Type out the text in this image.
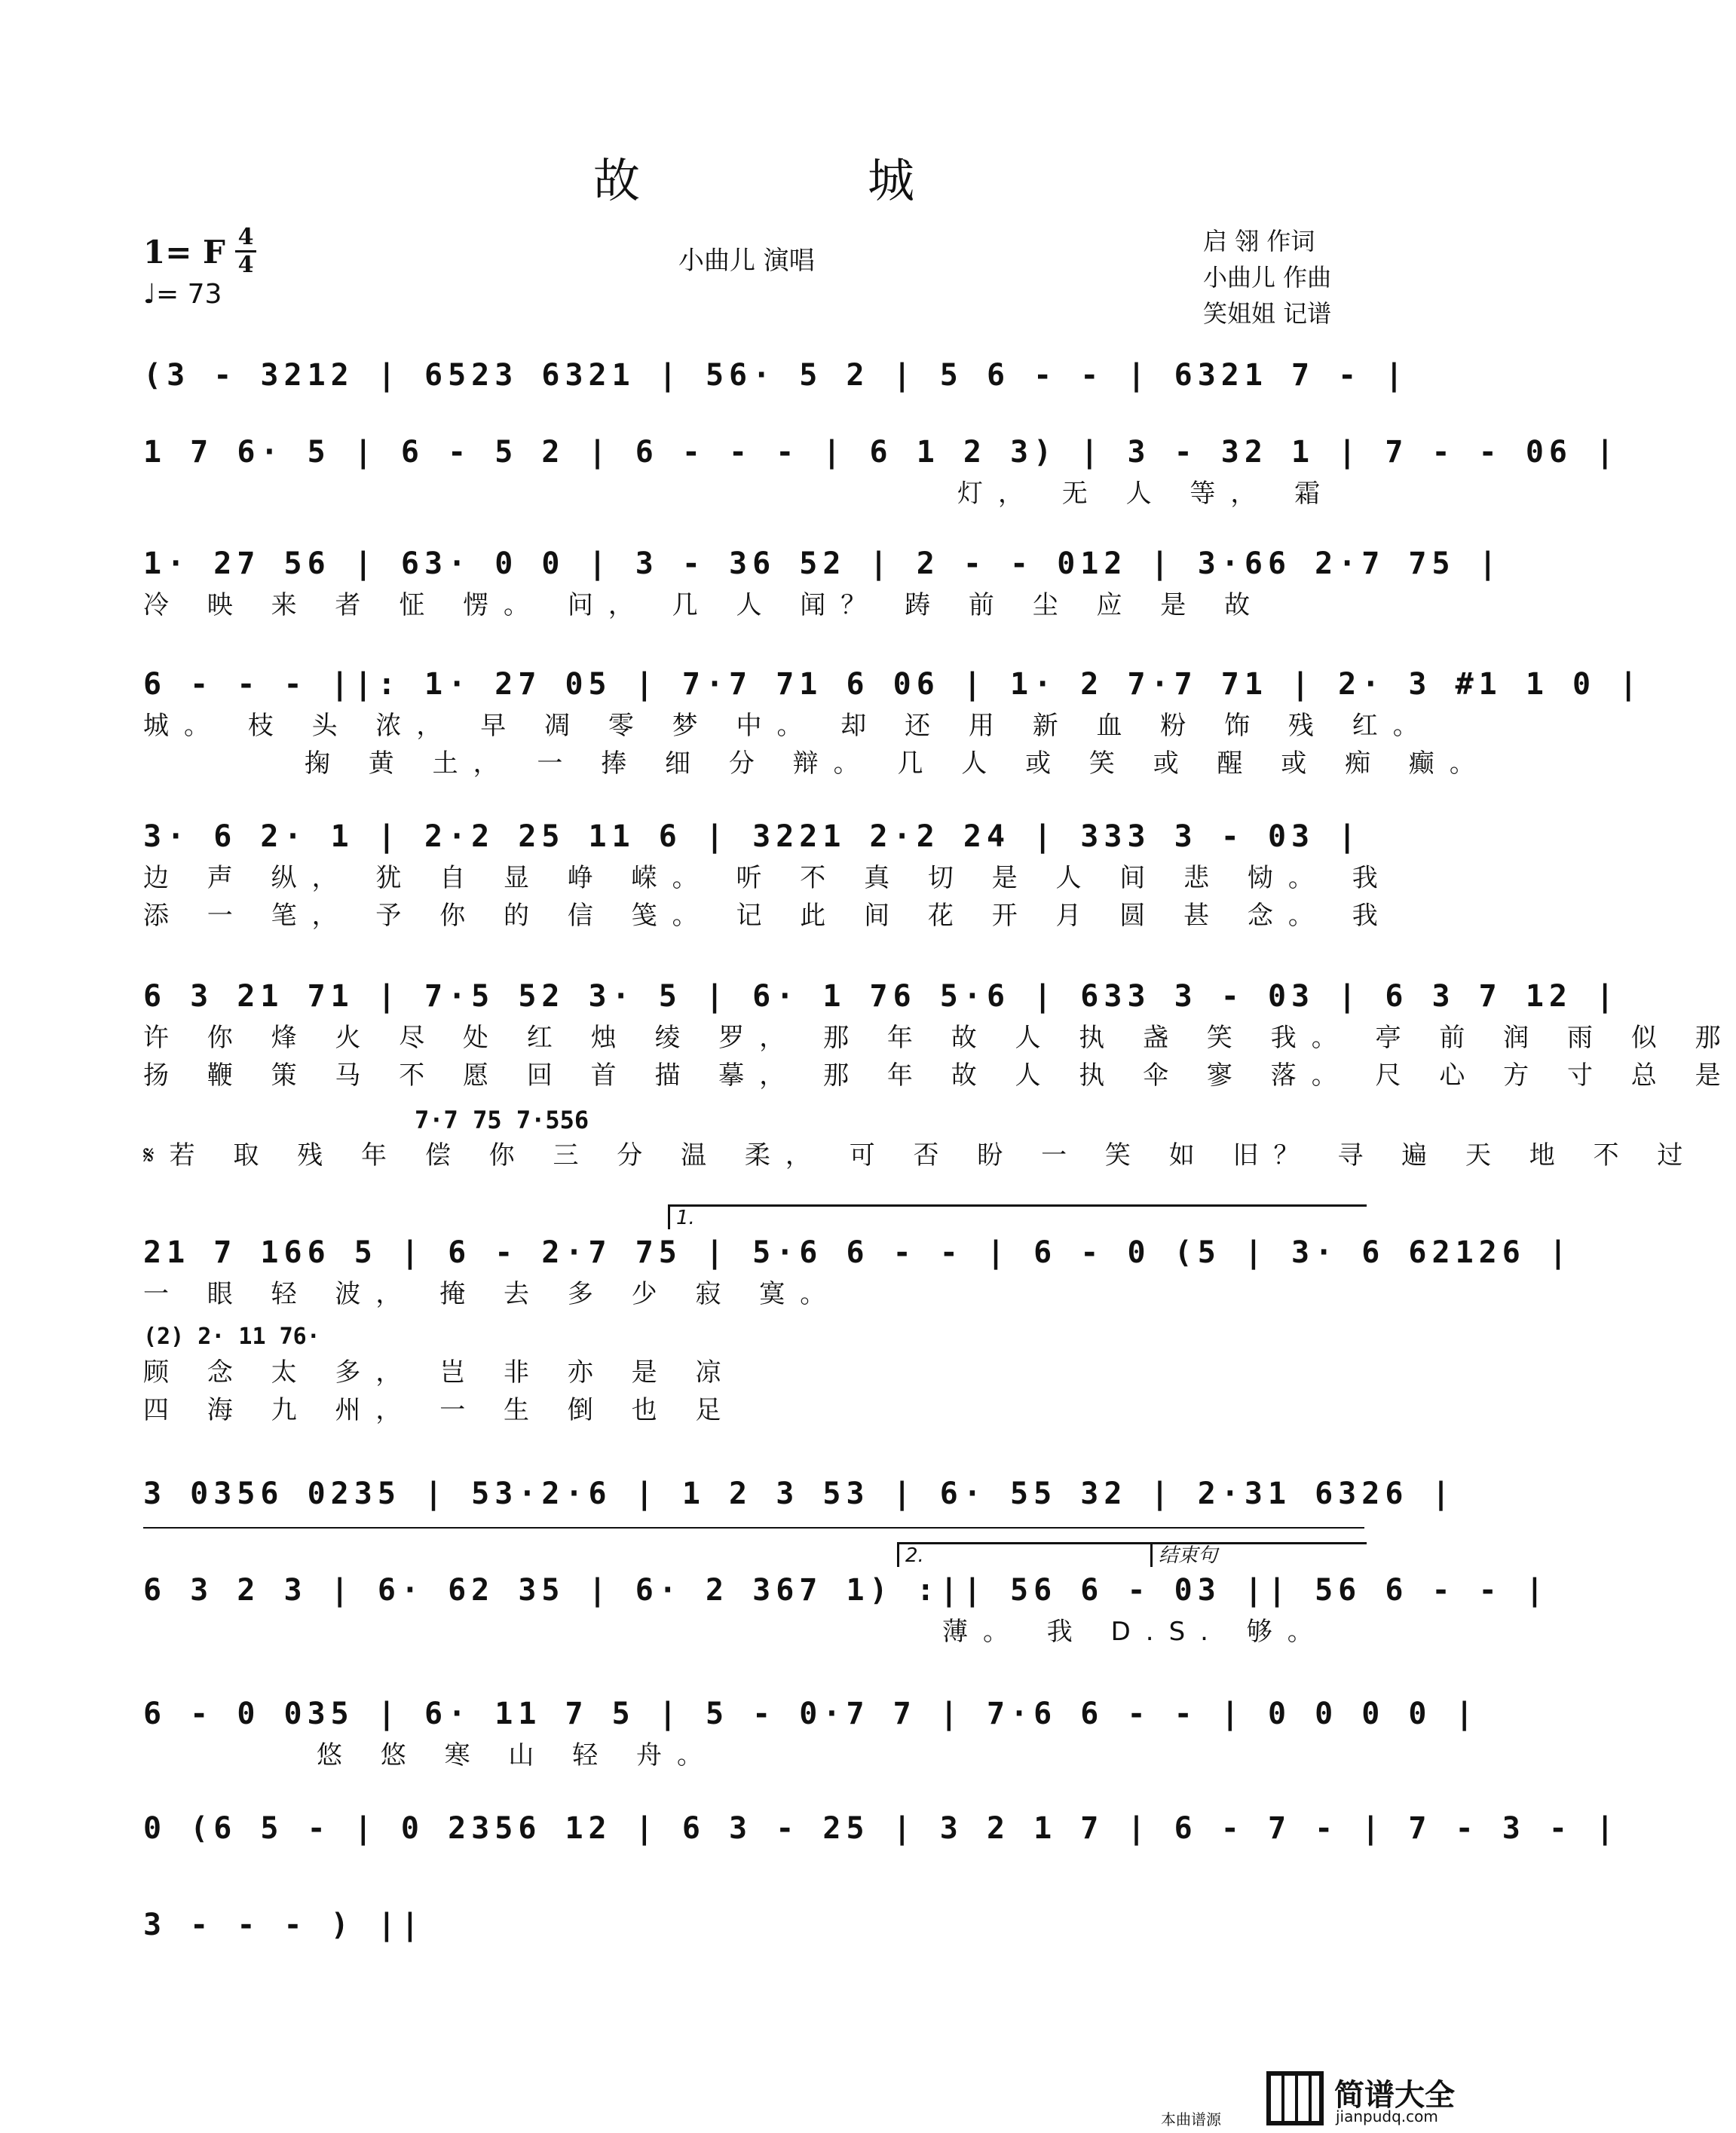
故　城
小曲儿 演唱
1= F 4
4
♩= 73
启 翎 作词
小曲儿 作曲
笑姐姐 记谱
(3 - 3212 | 6523 6321 | 56· 5 2 | 5 6 - - | 6321 7 - |
1 7 6· 5 | 6 - 5 2 | 6 - - - | 6 1 2 3) | 3 - 32 1 | 7 - - 06 |
灯， 无 人 等， 霜
1· 27 56 | 63· 0 0 | 3 - 36 52 | 2 - - 012 | 3·66 2·7 75 |
冷 映 来 者 怔 愣。 问， 几 人 闻？ 踌 前 尘 应 是 故
6 - - - ||: 1· 27 05 | 7·7 71 6 06 | 1· 2 7·7 71 | 2· 3 #1 1 0 |
城。 枝 头 浓， 早 凋 零 梦 中。 却 还 用 新 血 粉 饰 残 红。
掬 黄 土， 一 捧 细 分 辩。 几 人 或 笑 或 醒 或 痴 癫。
3· 6 2· 1 | 2·2 25 11 6 | 3221 2·2 24 | 333 3 - 03 |
边 声 纵， 犹 自 显 峥 嵘。 听 不 真 切 是 人 间 悲 恸。 我
添 一 笔， 予 你 的 信 笺。 记 此 间 花 开 月 圆 甚 念。 我
6 3 21 71 | 7·5 52 3· 5 | 6· 1 76 5·6 | 633 3 - 03 | 6 3 7 12 |
许 你 烽 火 尽 处 红 烛 绫 罗， 那 年 故 人 执 盏 笑 我。 亭 前 润 雨 似 那
扬 鞭 策 马 不 愿 回 首 描 摹， 那 年 故 人 执 伞 寥 落。 尺 心 方 寸 总 是
7·7 75 7·556
𝄋若 取 残 年 偿 你 三 分 温 柔， 可 否 盼 一 笑 如 旧？ 寻 遍 天 地 不 过
1.
21 7 166 5 | 6 - 2·7 75 | 5·6 6 - - | 6 - 0 (5 | 3· 6 62126 |
一 眼 轻 波， 掩 去 多 少 寂 寞。
(2) 2· 11 76·
顾 念 太 多， 岂 非 亦 是 凉
四 海 九 州， 一 生 倒 也 足
3 0356 0235 | 53·2·6 | 1 2 3 53 | 6· 55 32 | 2·31 6326 |
2.	结束句
6 3 2 3 | 6· 62 35 | 6· 2 367 1) :|| 56 6 - 03 || 56 6 - - |
薄。 我 D.S. 够。
6 - 0 035 | 6· 11 7 5 | 5 - 0·7 7 | 7·6 6 - - | 0 0 0 0 |
悠 悠 寒 山 轻 舟。
0 (6 5 - | 0 2356 12 | 6 3 - 25 | 3 2 1 7 | 6 - 7 - | 7 - 3 - |
3 - - - ) ||
简谱大全
jianpudq.com
本曲谱源
